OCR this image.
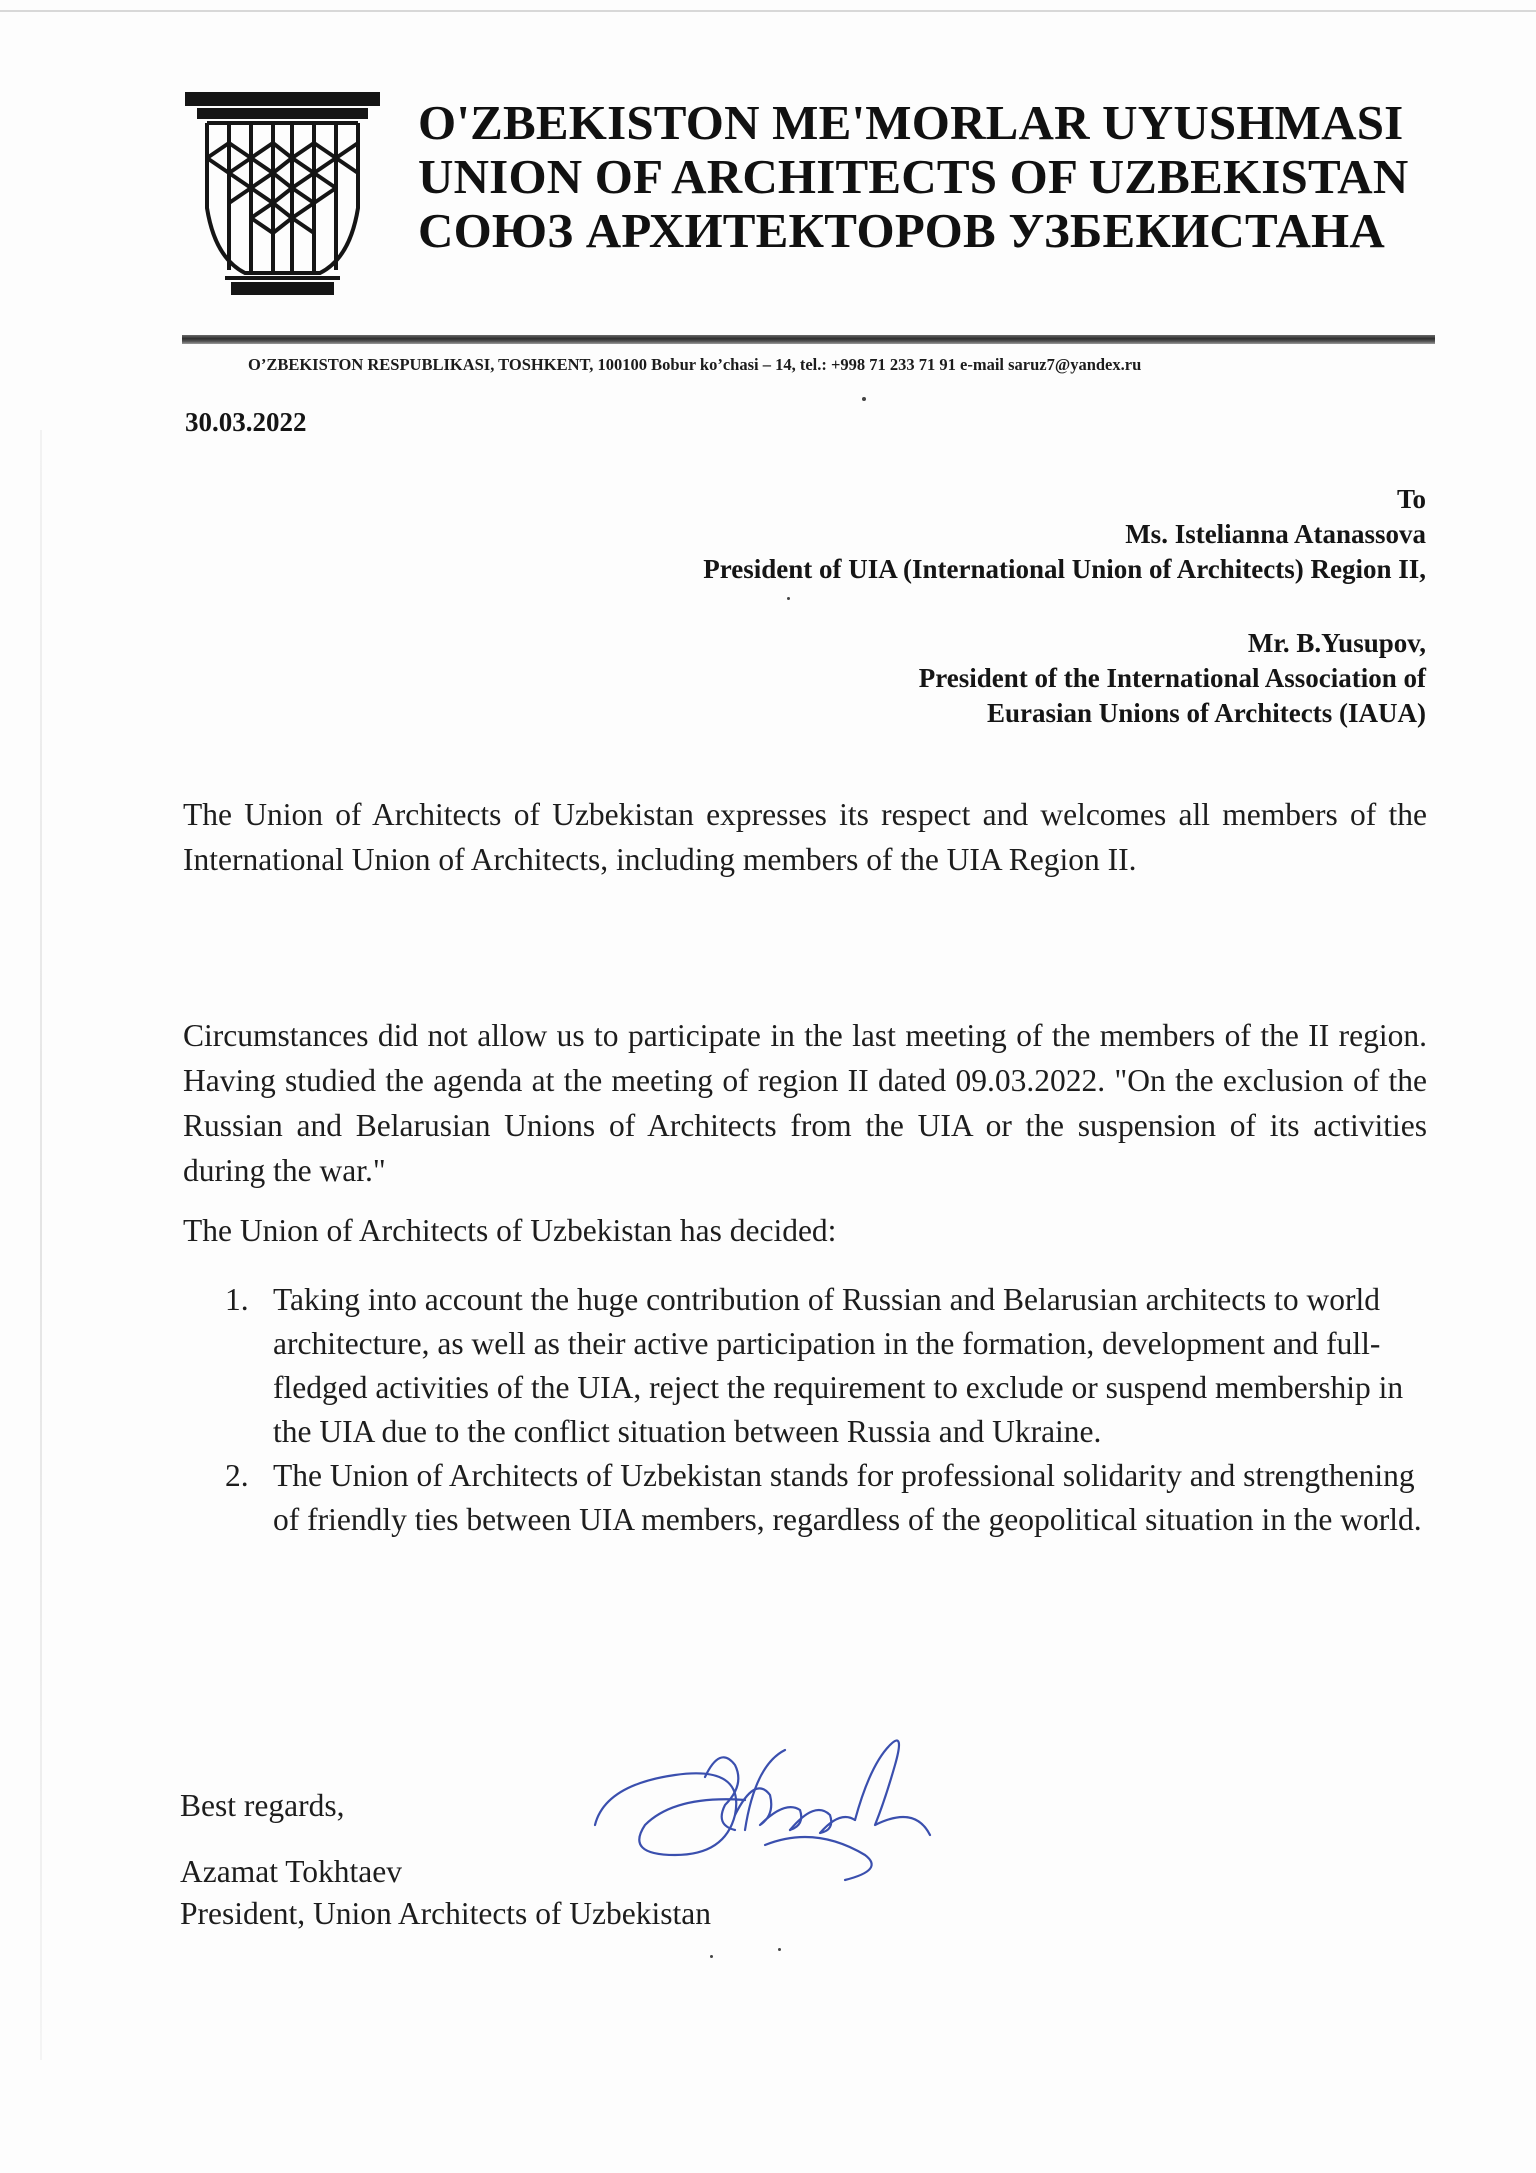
O'ZBEKISTON ME'MORLAR UYUSHMASI
UNION OF ARCHITECTS OF UZBEKISTAN
СОЮЗ АРХИТЕКТОРОВ УЗБЕКИСТАНА
O’ZBEKISTON RESPUBLIKASI, TOSHKENT, 100100 Bobur ko’chasi – 14, tel.: +998 71 233 71 91 e-mail saruz7@yandex.ru
30.03.2022
To
Ms. Istelianna Atanassova
President of UIA (International Union of Architects) Region II,
Mr. B.Yusupov,
President of the International Association of
Eurasian Unions of Architects (IAUA)
The Union of Architects of Uzbekistan expresses its respect and welcomes all members of the International Union of Architects, including members of the UIA Region II.
Circumstances did not allow us to participate in the last meeting of the members of the II region. Having studied the agenda at the meeting of region II dated 09.03.2022. "On the exclusion of the Russian and Belarusian Unions of Architects from the UIA or the suspension of its activities during the war."
The Union of Architects of Uzbekistan has decided:
1. Taking into account the huge contribution of Russian and Belarusian architects to world architecture, as well as their active participation in the formation, development and full-fledged activities of the UIA, reject the requirement to exclude or suspend membership in the UIA due to the conflict situation between Russia and Ukraine.
2. The Union of Architects of Uzbekistan stands for professional solidarity and strengthening of friendly ties between UIA members, regardless of the geopolitical situation in the world.
Best regards,
Azamat Tokhtaev
President, Union Architects of Uzbekistan
